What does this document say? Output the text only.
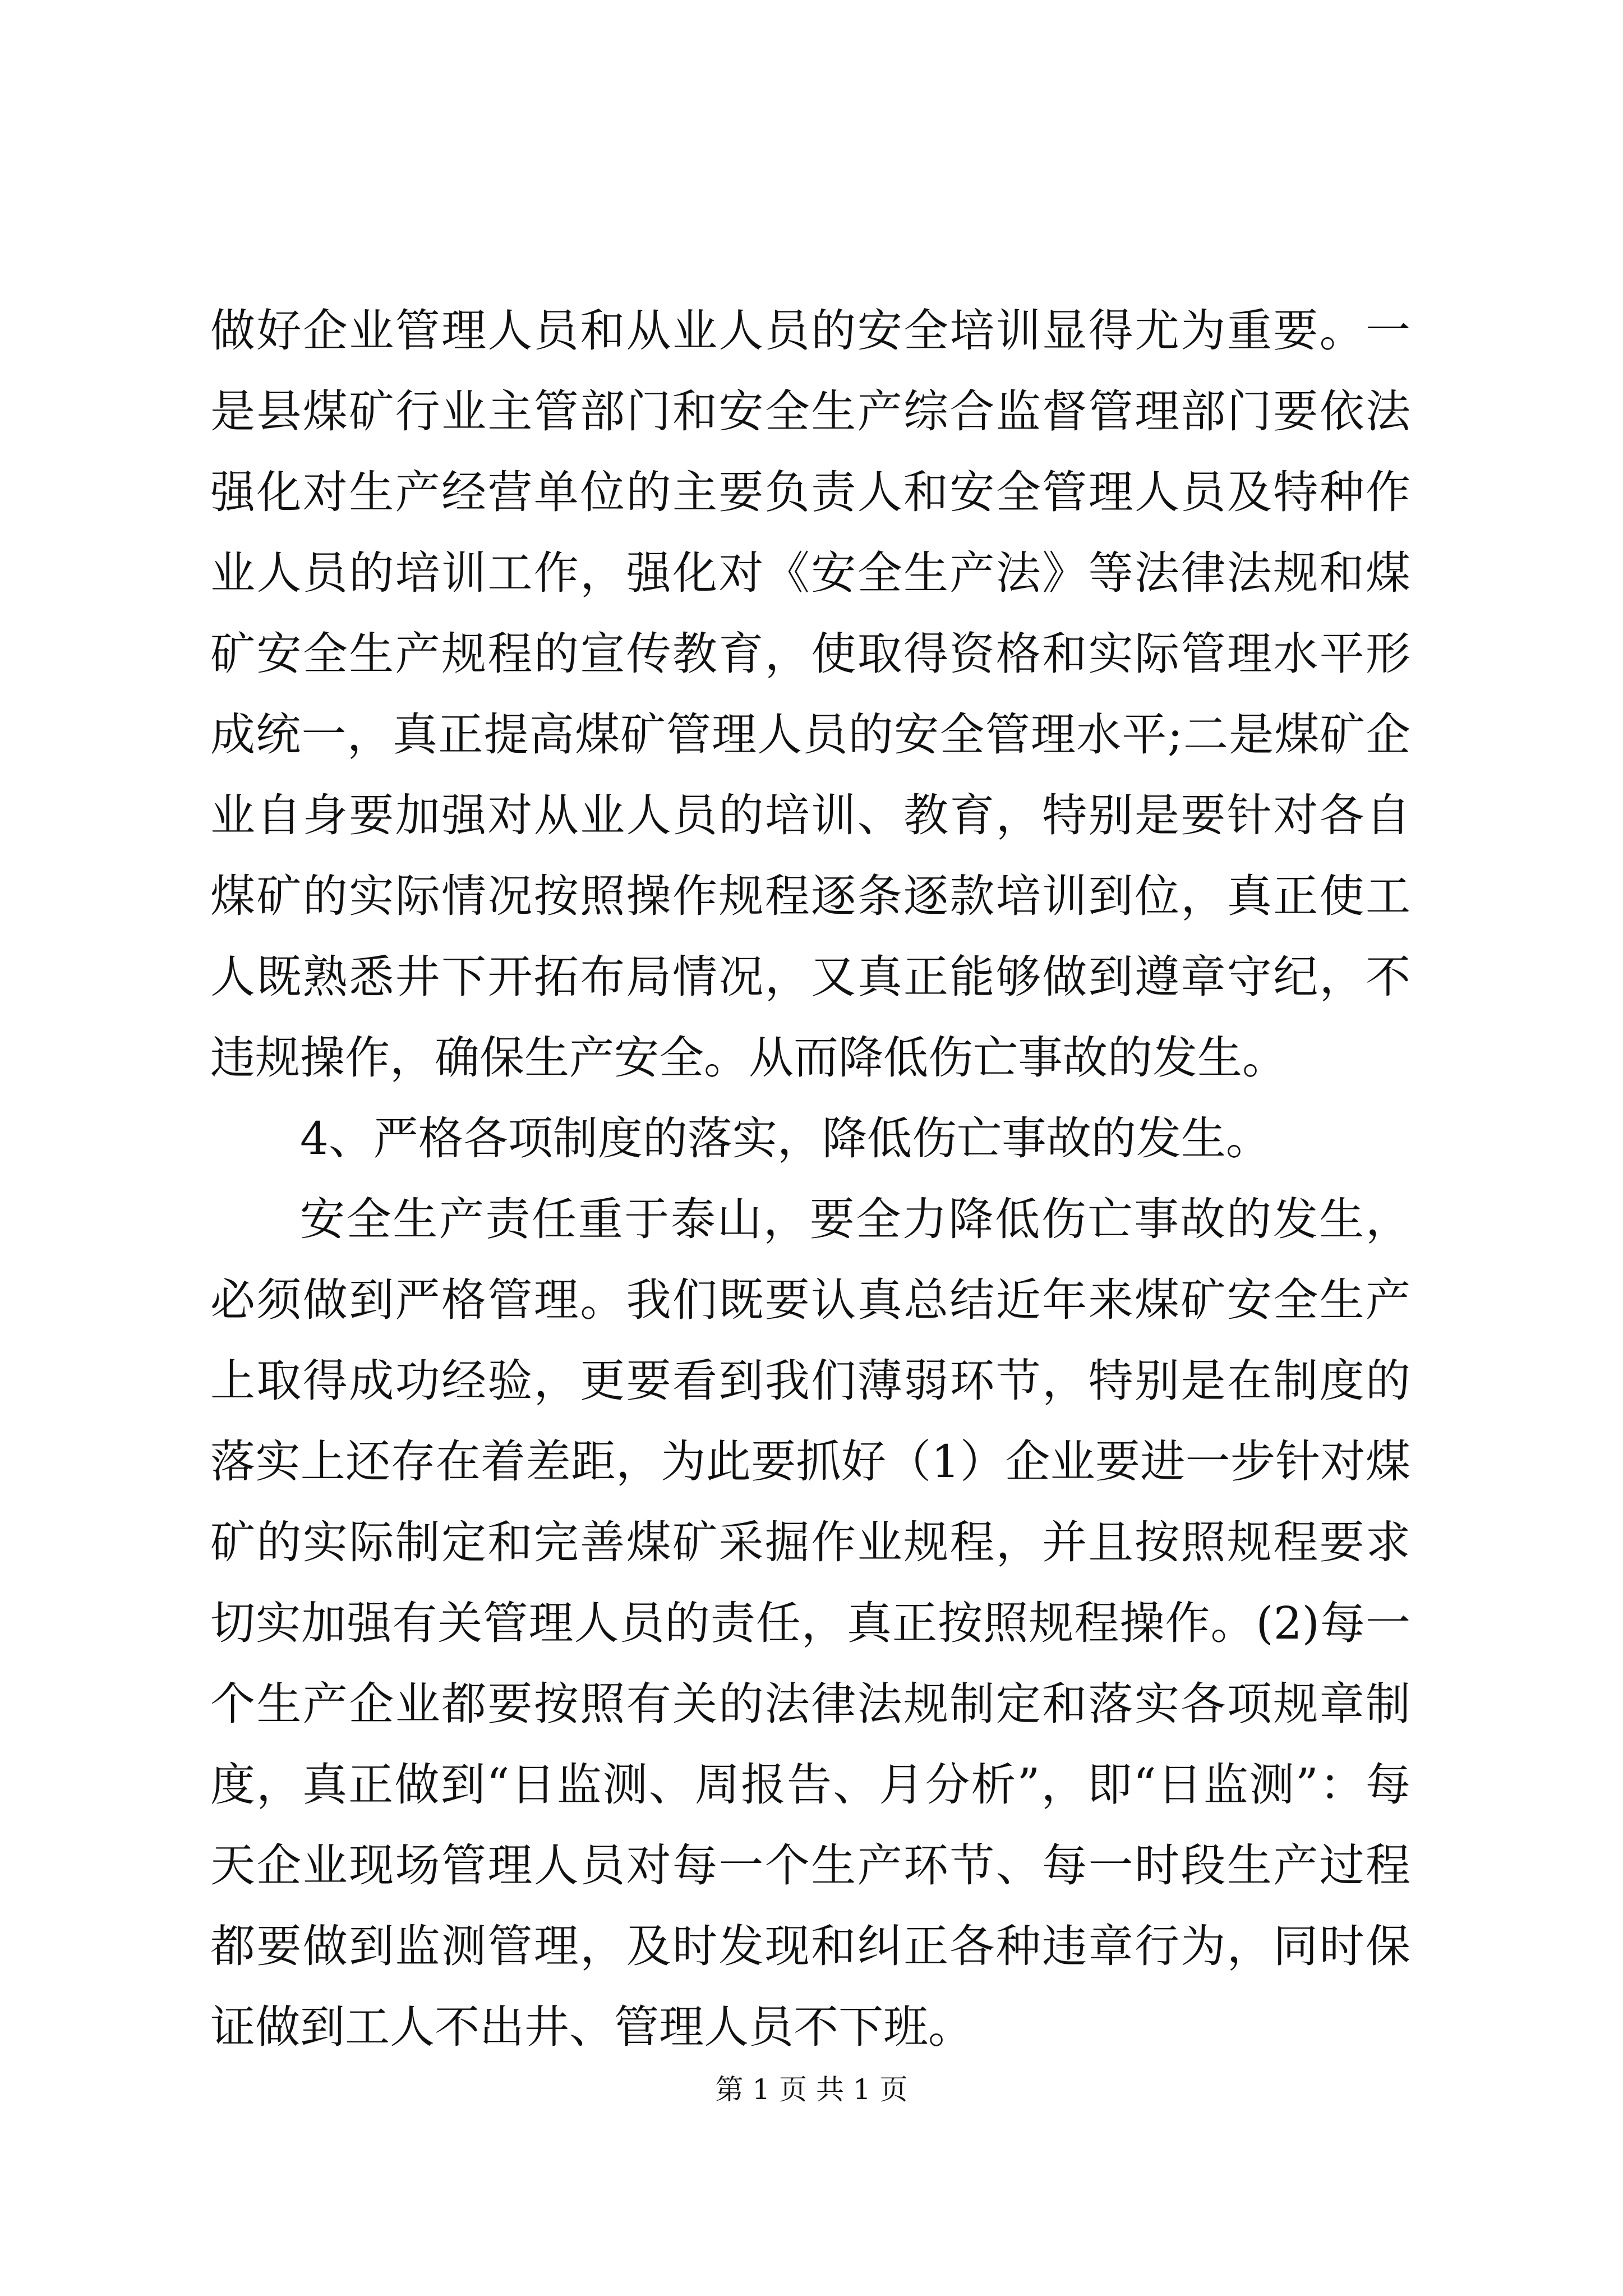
做好企业管理人员和从业人员的安全培训显得尤为重要。一是县煤矿行业主管部门和安全生产综合监督管理部门要依法强化对生产经营单位的主要负责人和安全管理人员及特种作业人员的培训工作，强化对《安全生产法》等法律法规和煤矿安全生产规程的宣传教育，使取得资格和实际管理水平形成统一，真正提高煤矿管理人员的安全管理水平;二是煤矿企业自身要加强对从业人员的培训、教育，特别是要针对各自煤矿的实际情况按照操作规程逐条逐款培训到位，真正使工人既熟悉井下开拓布局情况，又真正能够做到遵章守纪，不违规操作，确保生产安全。从而降低伤亡事故的发生。

4、严格各项制度的落实，降低伤亡事故的发生。

安全生产责任重于泰山，要全力降低伤亡事故的发生，必须做到严格管理。我们既要认真总结近年来煤矿安全生产上取得成功经验，更要看到我们薄弱环节，特别是在制度的落实上还存在着差距，为此要抓好（1）企业要进一步针对煤矿的实际制定和完善煤矿采掘作业规程，并且按照规程要求切实加强有关管理人员的责任，真正按照规程操作。(2)每一个生产企业都要按照有关的法律法规制定和落实各项规章制度，真正做到“日监测、周报告、月分析”，即“日监测”：每天企业现场管理人员对每一个生产环节、每一时段生产过程都要做到监测管理，及时发现和纠正各种违章行为，同时保证做到工人不出井、管理人员不下班。

第 1 页 共 1 页
